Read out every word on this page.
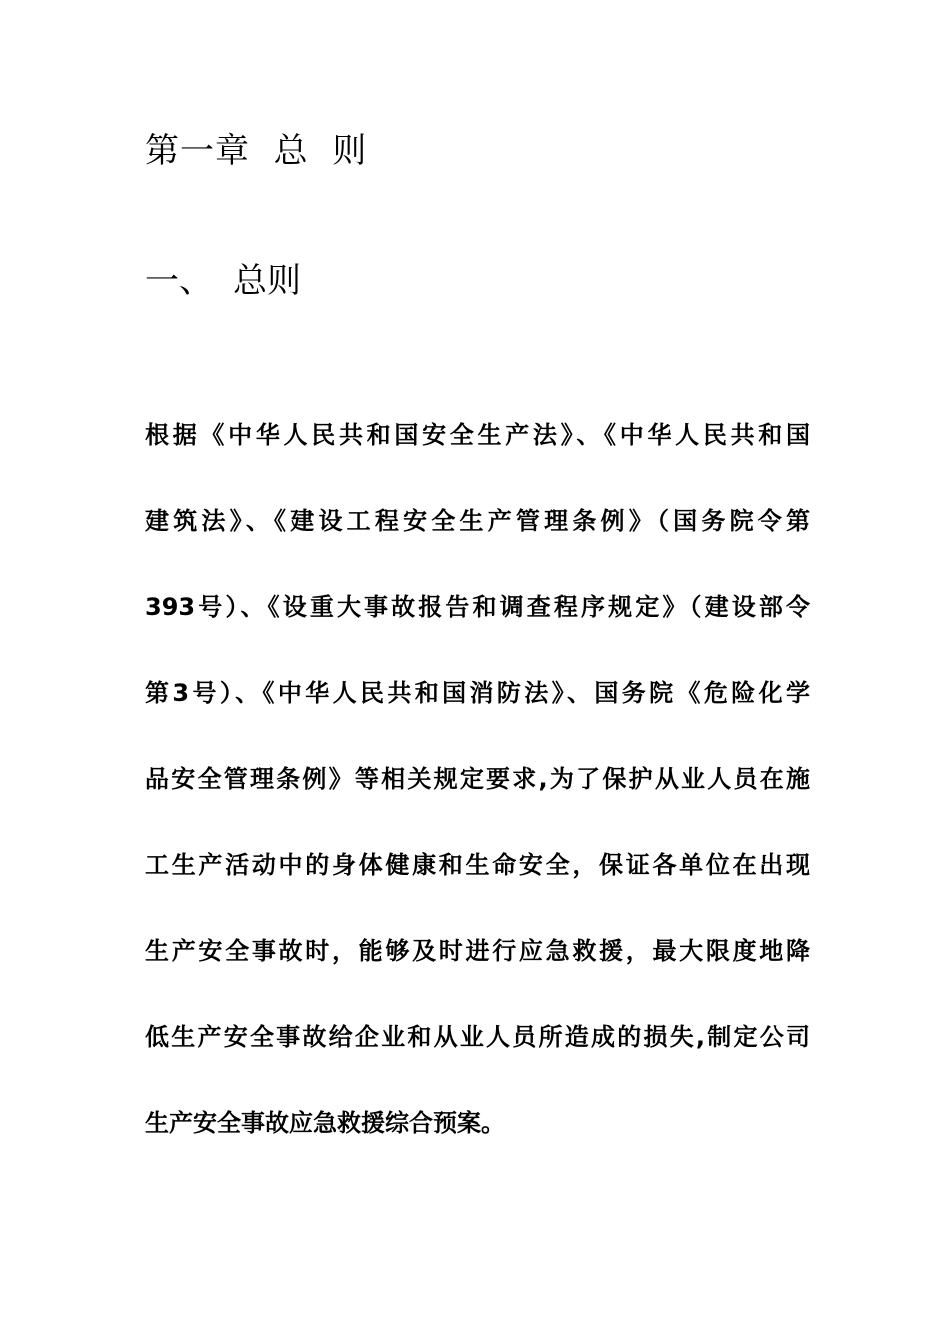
第一章  总  则
一、 总则
根据《中华人民共和国安全生产法》、《中华人民共和国
建筑法》、《建设工程安全生产管理条例》（国务院令第
393号）、《设重大事故报告和调查程序规定》（建设部令
第3号）、《中华人民共和国消防法》、国务院《危险化学
品安全管理条例》等相关规定要求,为了保护从业人员在施
工生产活动中的身体健康和生命安全，保证各单位在出现
生产安全事故时，能够及时进行应急救援，最大限度地降
低生产安全事故给企业和从业人员所造成的损失,制定公司
生产安全事故应急救援综合预案。
